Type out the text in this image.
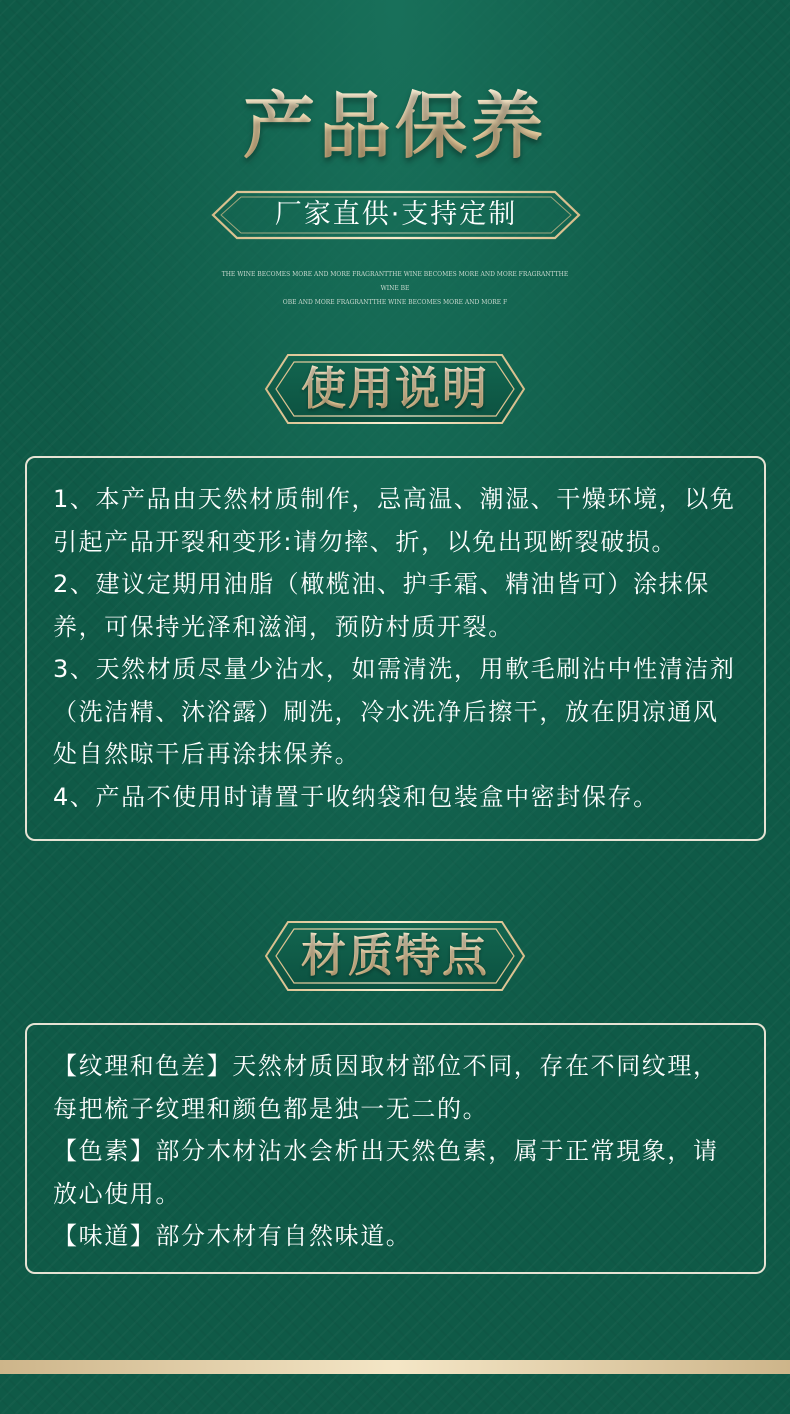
产品保养
厂家直供·支持定制
THE WINE BECOMES MORE AND MORE FRAGRANTTHE WINE BECOMES MORE AND MORE FRAGRANTTHE WINE BE
OBE AND MORE FRAGRANTTHE WINE BECOMES MORE AND MORE F
使用说明

1、本产品由天然材质制作，忌高温、潮湿、干燥环境，以免引起产品开裂和变形:请勿摔、折，以免出现断裂破损。

2、建议定期用油脂（橄榄油、护手霜、精油皆可）涂抹保养，可保持光泽和滋润，预防村质开裂。

3、天然材质尽量少沾水，如需清洗，用軟毛刷沾中性清洁剂（洗洁精、沐浴露）刷洗，冷水洗净后擦干，放在阴凉通风处自然晾干后再涂抹保养。

4、产品不使用时请置于收纳袋和包装盒中密封保存。

材质特点

【纹理和色差】天然材质因取材部位不同，存在不同纹理，每把梳子纹理和颜色都是独一无二的。

【色素】部分木材沾水会析出天然色素，属于正常現象，请放心使用。

【味道】部分木材有自然味道。
